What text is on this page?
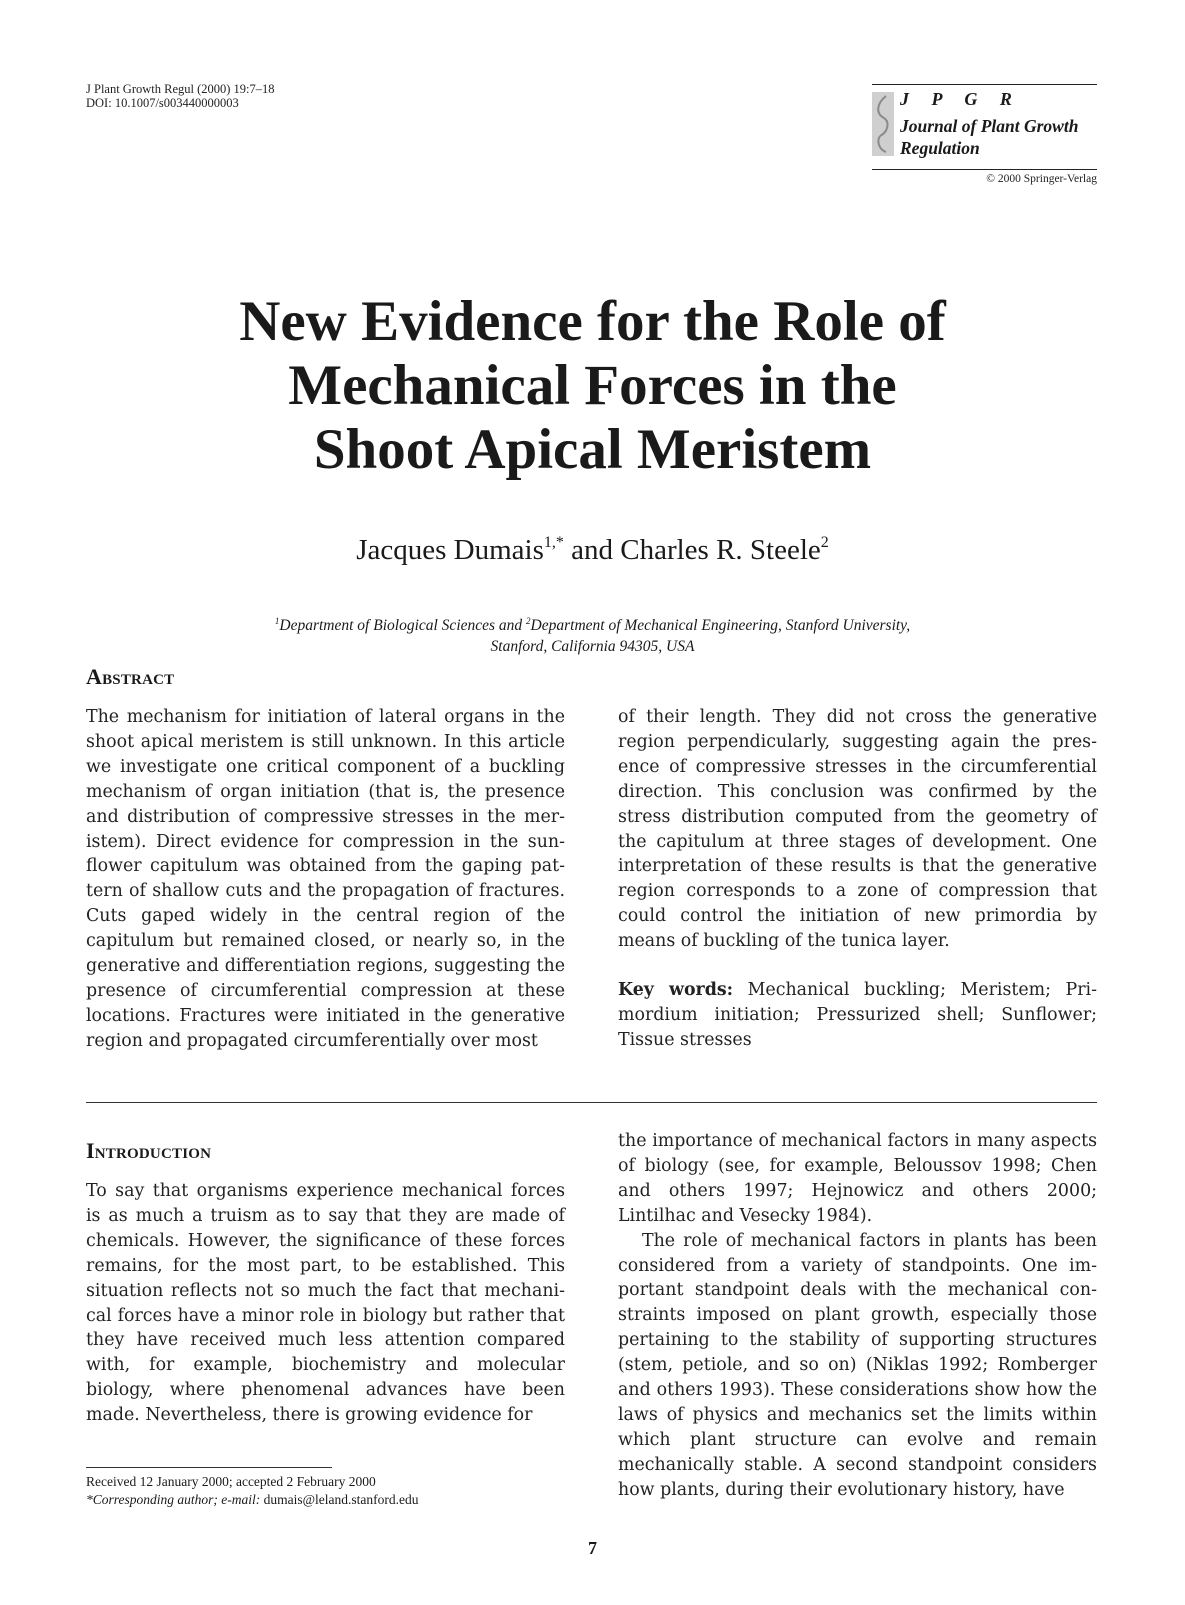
J Plant Growth Regul (2000) 19:7–18
DOI: 10.1007/s003440000003	J P G R
Journal of Plant Growth
Regulation
© 2000 Springer-Verlag
New Evidence for the Role of
Mechanical Forces in the
Shoot Apical Meristem
Jacques Dumais$^{1,*}$ and Charles R. Steele$^2$
$^1$Department of Biological Sciences and $^2$Department of Mechanical Engineering, Stanford University,
Stanford, California 94305, USA
Abstract

The mechanism for initiation of lateral organs in the shoot apical meristem is still unknown. In this article we investigate one critical component of a buckling mechanism of organ initiation (that is, the presence and distribution of compressive stresses in the meristem). Direct evidence for compression in the sunflower capitulum was obtained from the gaping pattern of shallow cuts and the propagation of fractures. Cuts gaped widely in the central region of the capitulum but remained closed, or nearly so, in the generative and differentiation regions, suggesting the presence of circumferential compression at these locations. Fractures were initiated in the generative region and propagated circumferentially over most

of their length. They did not cross the generative region perpendicularly, suggesting again the presence of compressive stresses in the circumferential direction. This conclusion was confirmed by the stress distribution computed from the geometry of the capitulum at three stages of development. One interpretation of these results is that the generative region corresponds to a zone of compression that could control the initiation of new primordia by means of buckling of the tunica layer.

Key words: Mechanical buckling; Meristem; Primordium initiation; Pressurized shell; Sunflower; Tissue stresses

Introduction

To say that organisms experience mechanical forces is as much a truism as to say that they are made of chemicals. However, the significance of these forces remains, for the most part, to be established. This situation reflects not so much the fact that mechanical forces have a minor role in biology but rather that they have received much less attention compared with, for example, biochemistry and molecular biology, where phenomenal advances have been made. Nevertheless, there is growing evidence for

the importance of mechanical factors in many aspects of biology (see, for example, Beloussov 1998; Chen and others 1997; Hejnowicz and others 2000; Lintilhac and Vesecky 1984).

The role of mechanical factors in plants has been considered from a variety of standpoints. One important standpoint deals with the mechanical constraints imposed on plant growth, especially those pertaining to the stability of supporting structures (stem, petiole, and so on) (Niklas 1992; Romberger and others 1993). These considerations show how the laws of physics and mechanics set the limits within which plant structure can evolve and remain mechanically stable. A second standpoint considers how plants, during their evolutionary history, have

Received 12 January 2000; accepted 2 February 2000
*Corresponding author; e-mail: dumais@leland.stanford.edu
7
